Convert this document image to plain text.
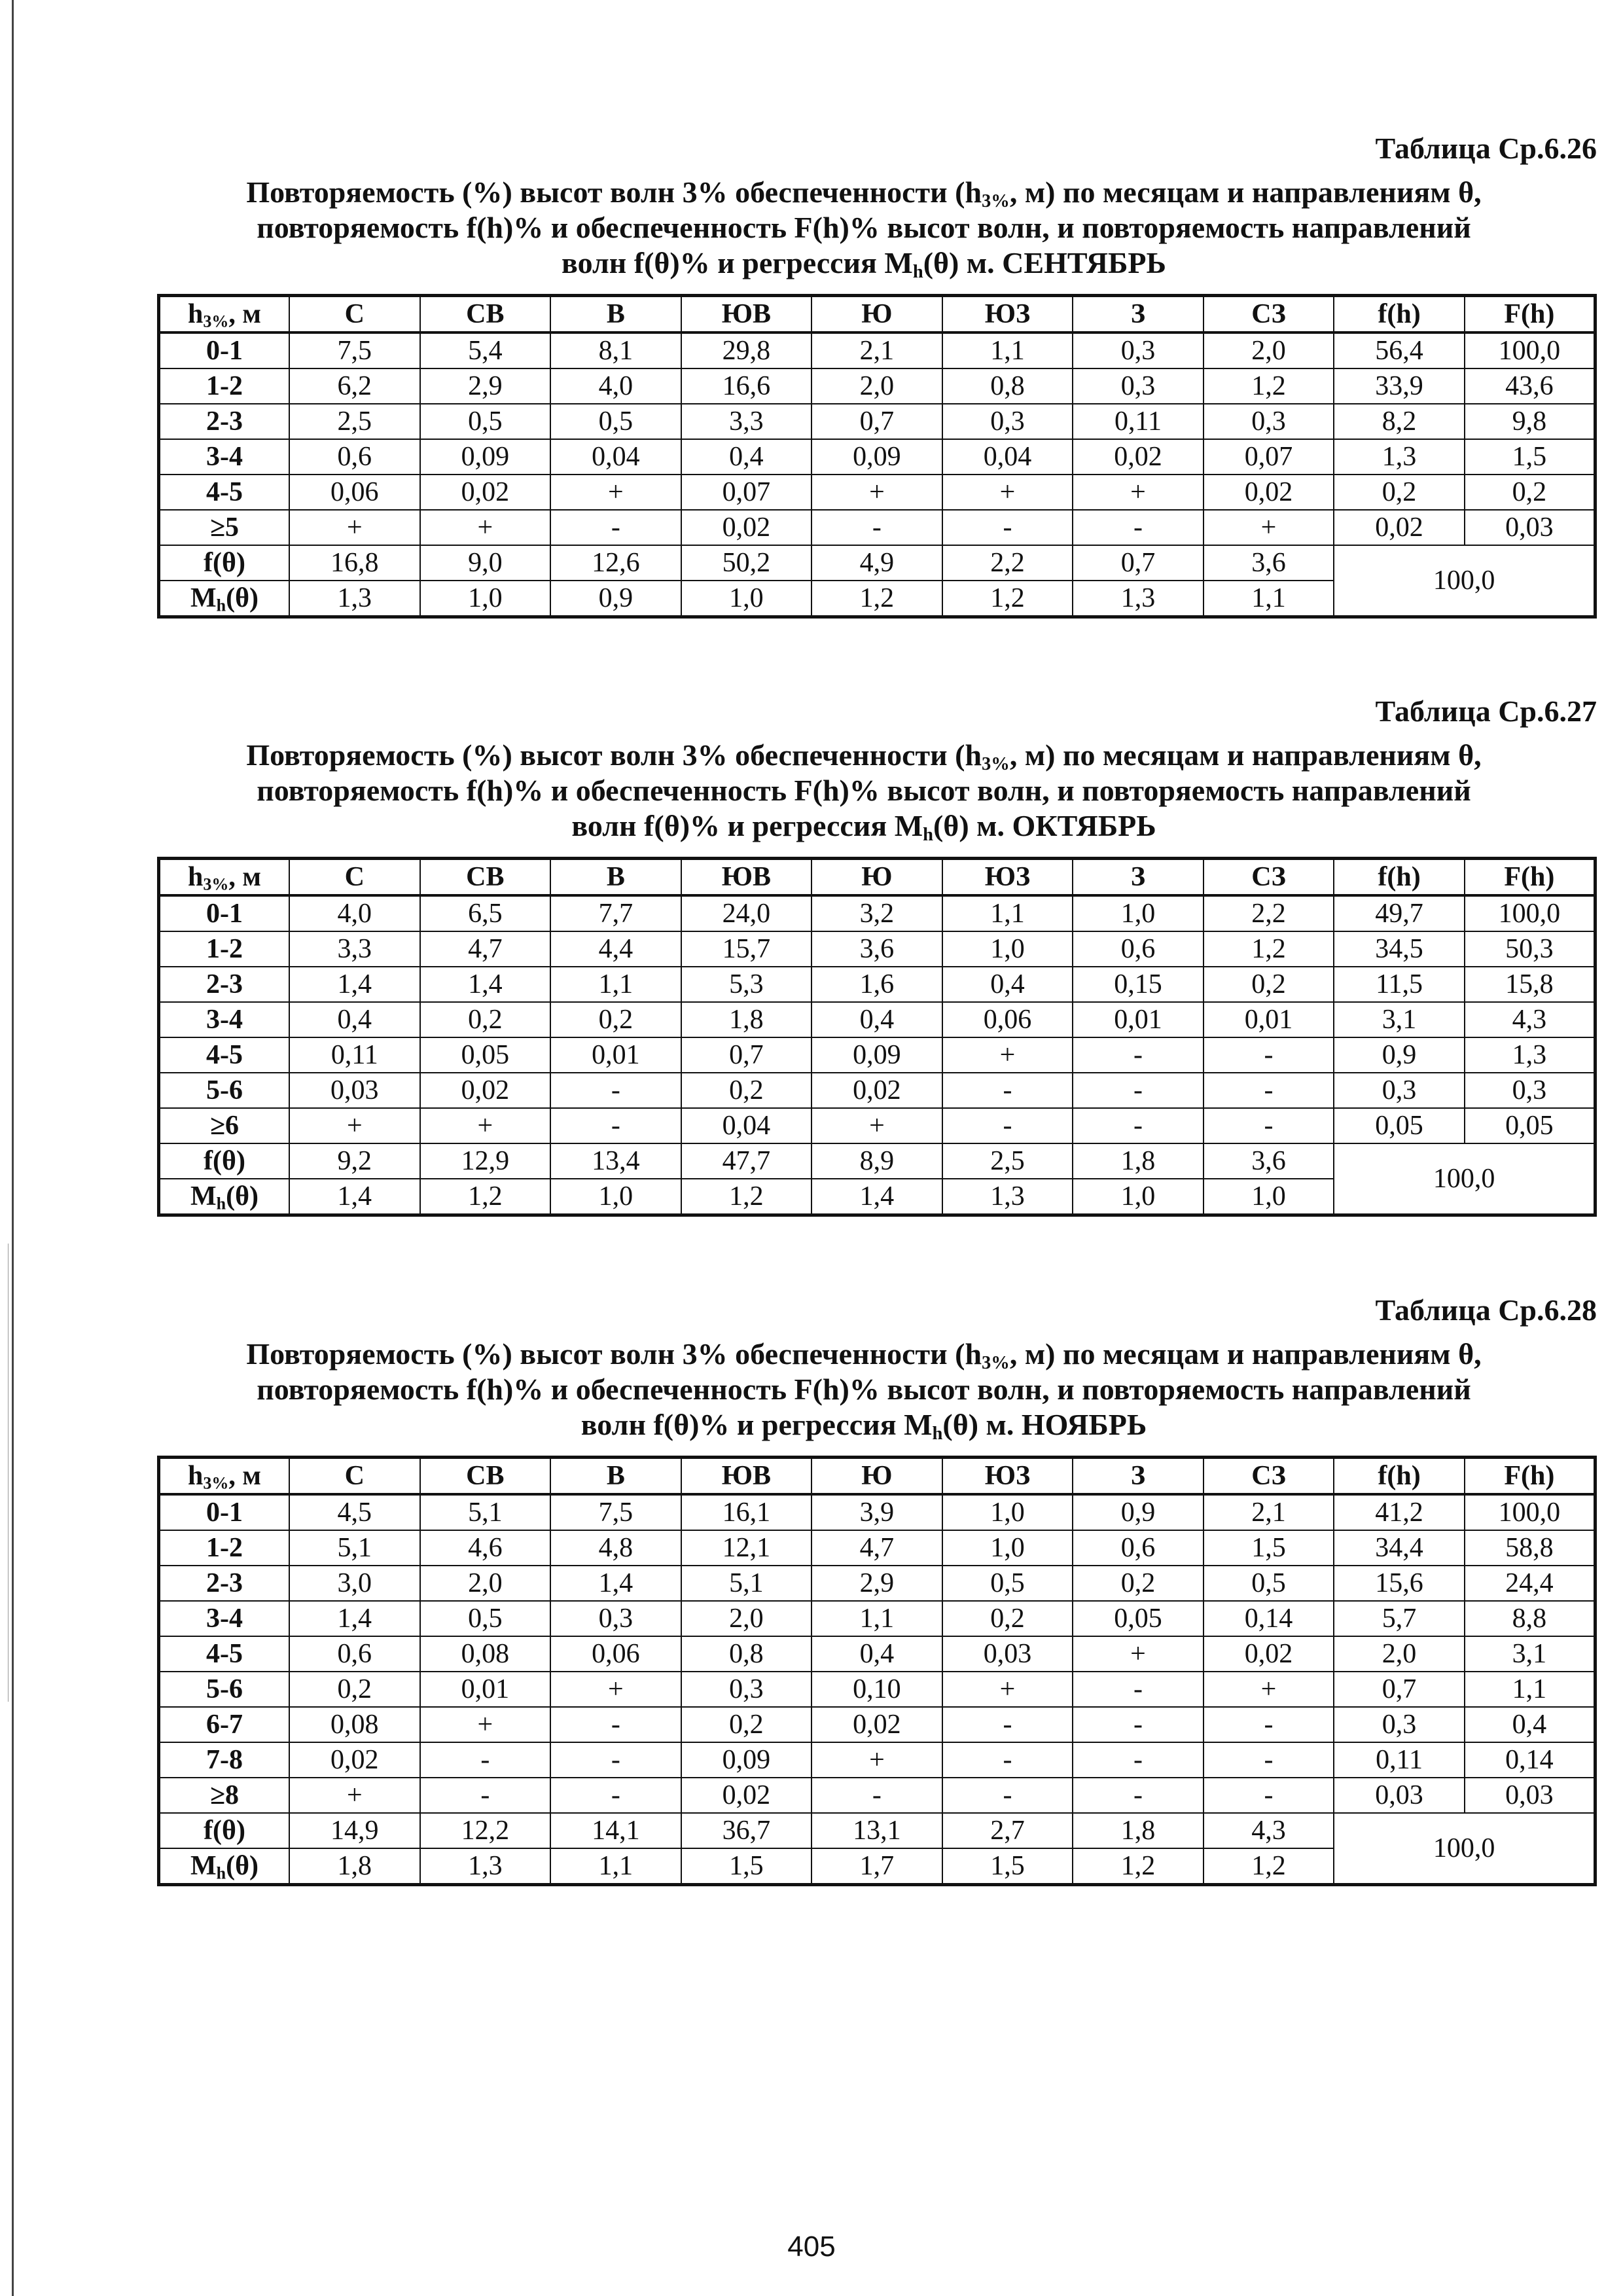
Таблица Ср.6.26

Повторяемость (%) высот волн 3% обеспеченности ($h_{3\%}$, м) по месяцам и направлениям θ,
повторяемость f(h)% и обеспеченность F(h)% высот волн, и повторяемость направлений
волн f(θ)% и регрессия $M_h(\theta)$ м. СЕНТЯБРЬ
$h_{3\%}$, м	С	СВ	В	ЮВ	Ю	ЮЗ	З	СЗ	f(h)	F(h)
0-1	7,5	5,4	8,1	29,8	2,1	1,1	0,3	2,0	56,4	100,0
1-2	6,2	2,9	4,0	16,6	2,0	0,8	0,3	1,2	33,9	43,6
2-3	2,5	0,5	0,5	3,3	0,7	0,3	0,11	0,3	8,2	9,8
3-4	0,6	0,09	0,04	0,4	0,09	0,04	0,02	0,07	1,3	1,5
4-5	0,06	0,02	+	0,07	+	+	+	0,02	0,2	0,2
≥5	+	+	-	0,02	-	-	-	+	0,02	0,03
f(θ)	16,8	9,0	12,6	50,2	4,9	2,2	0,7	3,6	100,0	
$M_h(\theta)$	1,3	1,0	0,9	1,0	1,2	1,2	1,3	1,1		

Таблица Ср.6.27

Повторяемость (%) высот волн 3% обеспеченности ($h_{3\%}$, м) по месяцам и направлениям θ,
повторяемость f(h)% и обеспеченность F(h)% высот волн, и повторяемость направлений
волн f(θ)% и регрессия $M_h(\theta)$ м. ОКТЯБРЬ
$h_{3\%}$, м	С	СВ	В	ЮВ	Ю	ЮЗ	З	СЗ	f(h)	F(h)
0-1	4,0	6,5	7,7	24,0	3,2	1,1	1,0	2,2	49,7	100,0
1-2	3,3	4,7	4,4	15,7	3,6	1,0	0,6	1,2	34,5	50,3
2-3	1,4	1,4	1,1	5,3	1,6	0,4	0,15	0,2	11,5	15,8
3-4	0,4	0,2	0,2	1,8	0,4	0,06	0,01	0,01	3,1	4,3
4-5	0,11	0,05	0,01	0,7	0,09	+	-	-	0,9	1,3
5-6	0,03	0,02	-	0,2	0,02	-	-	-	0,3	0,3
≥6	+	+	-	0,04	+	-	-	-	0,05	0,05
f(θ)	9,2	12,9	13,4	47,7	8,9	2,5	1,8	3,6	100,0	
$M_h(\theta)$	1,4	1,2	1,0	1,2	1,4	1,3	1,0	1,0		

Таблица Ср.6.28

Повторяемость (%) высот волн 3% обеспеченности ($h_{3\%}$, м) по месяцам и направлениям θ,
повторяемость f(h)% и обеспеченность F(h)% высот волн, и повторяемость направлений
волн f(θ)% и регрессия $M_h(\theta)$ м. НОЯБРЬ
$h_{3\%}$, м	С	СВ	В	ЮВ	Ю	ЮЗ	З	СЗ	f(h)	F(h)
0-1	4,5	5,1	7,5	16,1	3,9	1,0	0,9	2,1	41,2	100,0
1-2	5,1	4,6	4,8	12,1	4,7	1,0	0,6	1,5	34,4	58,8
2-3	3,0	2,0	1,4	5,1	2,9	0,5	0,2	0,5	15,6	24,4
3-4	1,4	0,5	0,3	2,0	1,1	0,2	0,05	0,14	5,7	8,8
4-5	0,6	0,08	0,06	0,8	0,4	0,03	+	0,02	2,0	3,1
5-6	0,2	0,01	+	0,3	0,10	+	-	+	0,7	1,1
6-7	0,08	+	-	0,2	0,02	-	-	-	0,3	0,4
7-8	0,02	-	-	0,09	+	-	-	-	0,11	0,14
≥8	+	-	-	0,02	-	-	-	-	0,03	0,03
f(θ)	14,9	12,2	14,1	36,7	13,1	2,7	1,8	4,3	100,0	
$M_h(\theta)$	1,8	1,3	1,1	1,5	1,7	1,5	1,2	1,2		
405
